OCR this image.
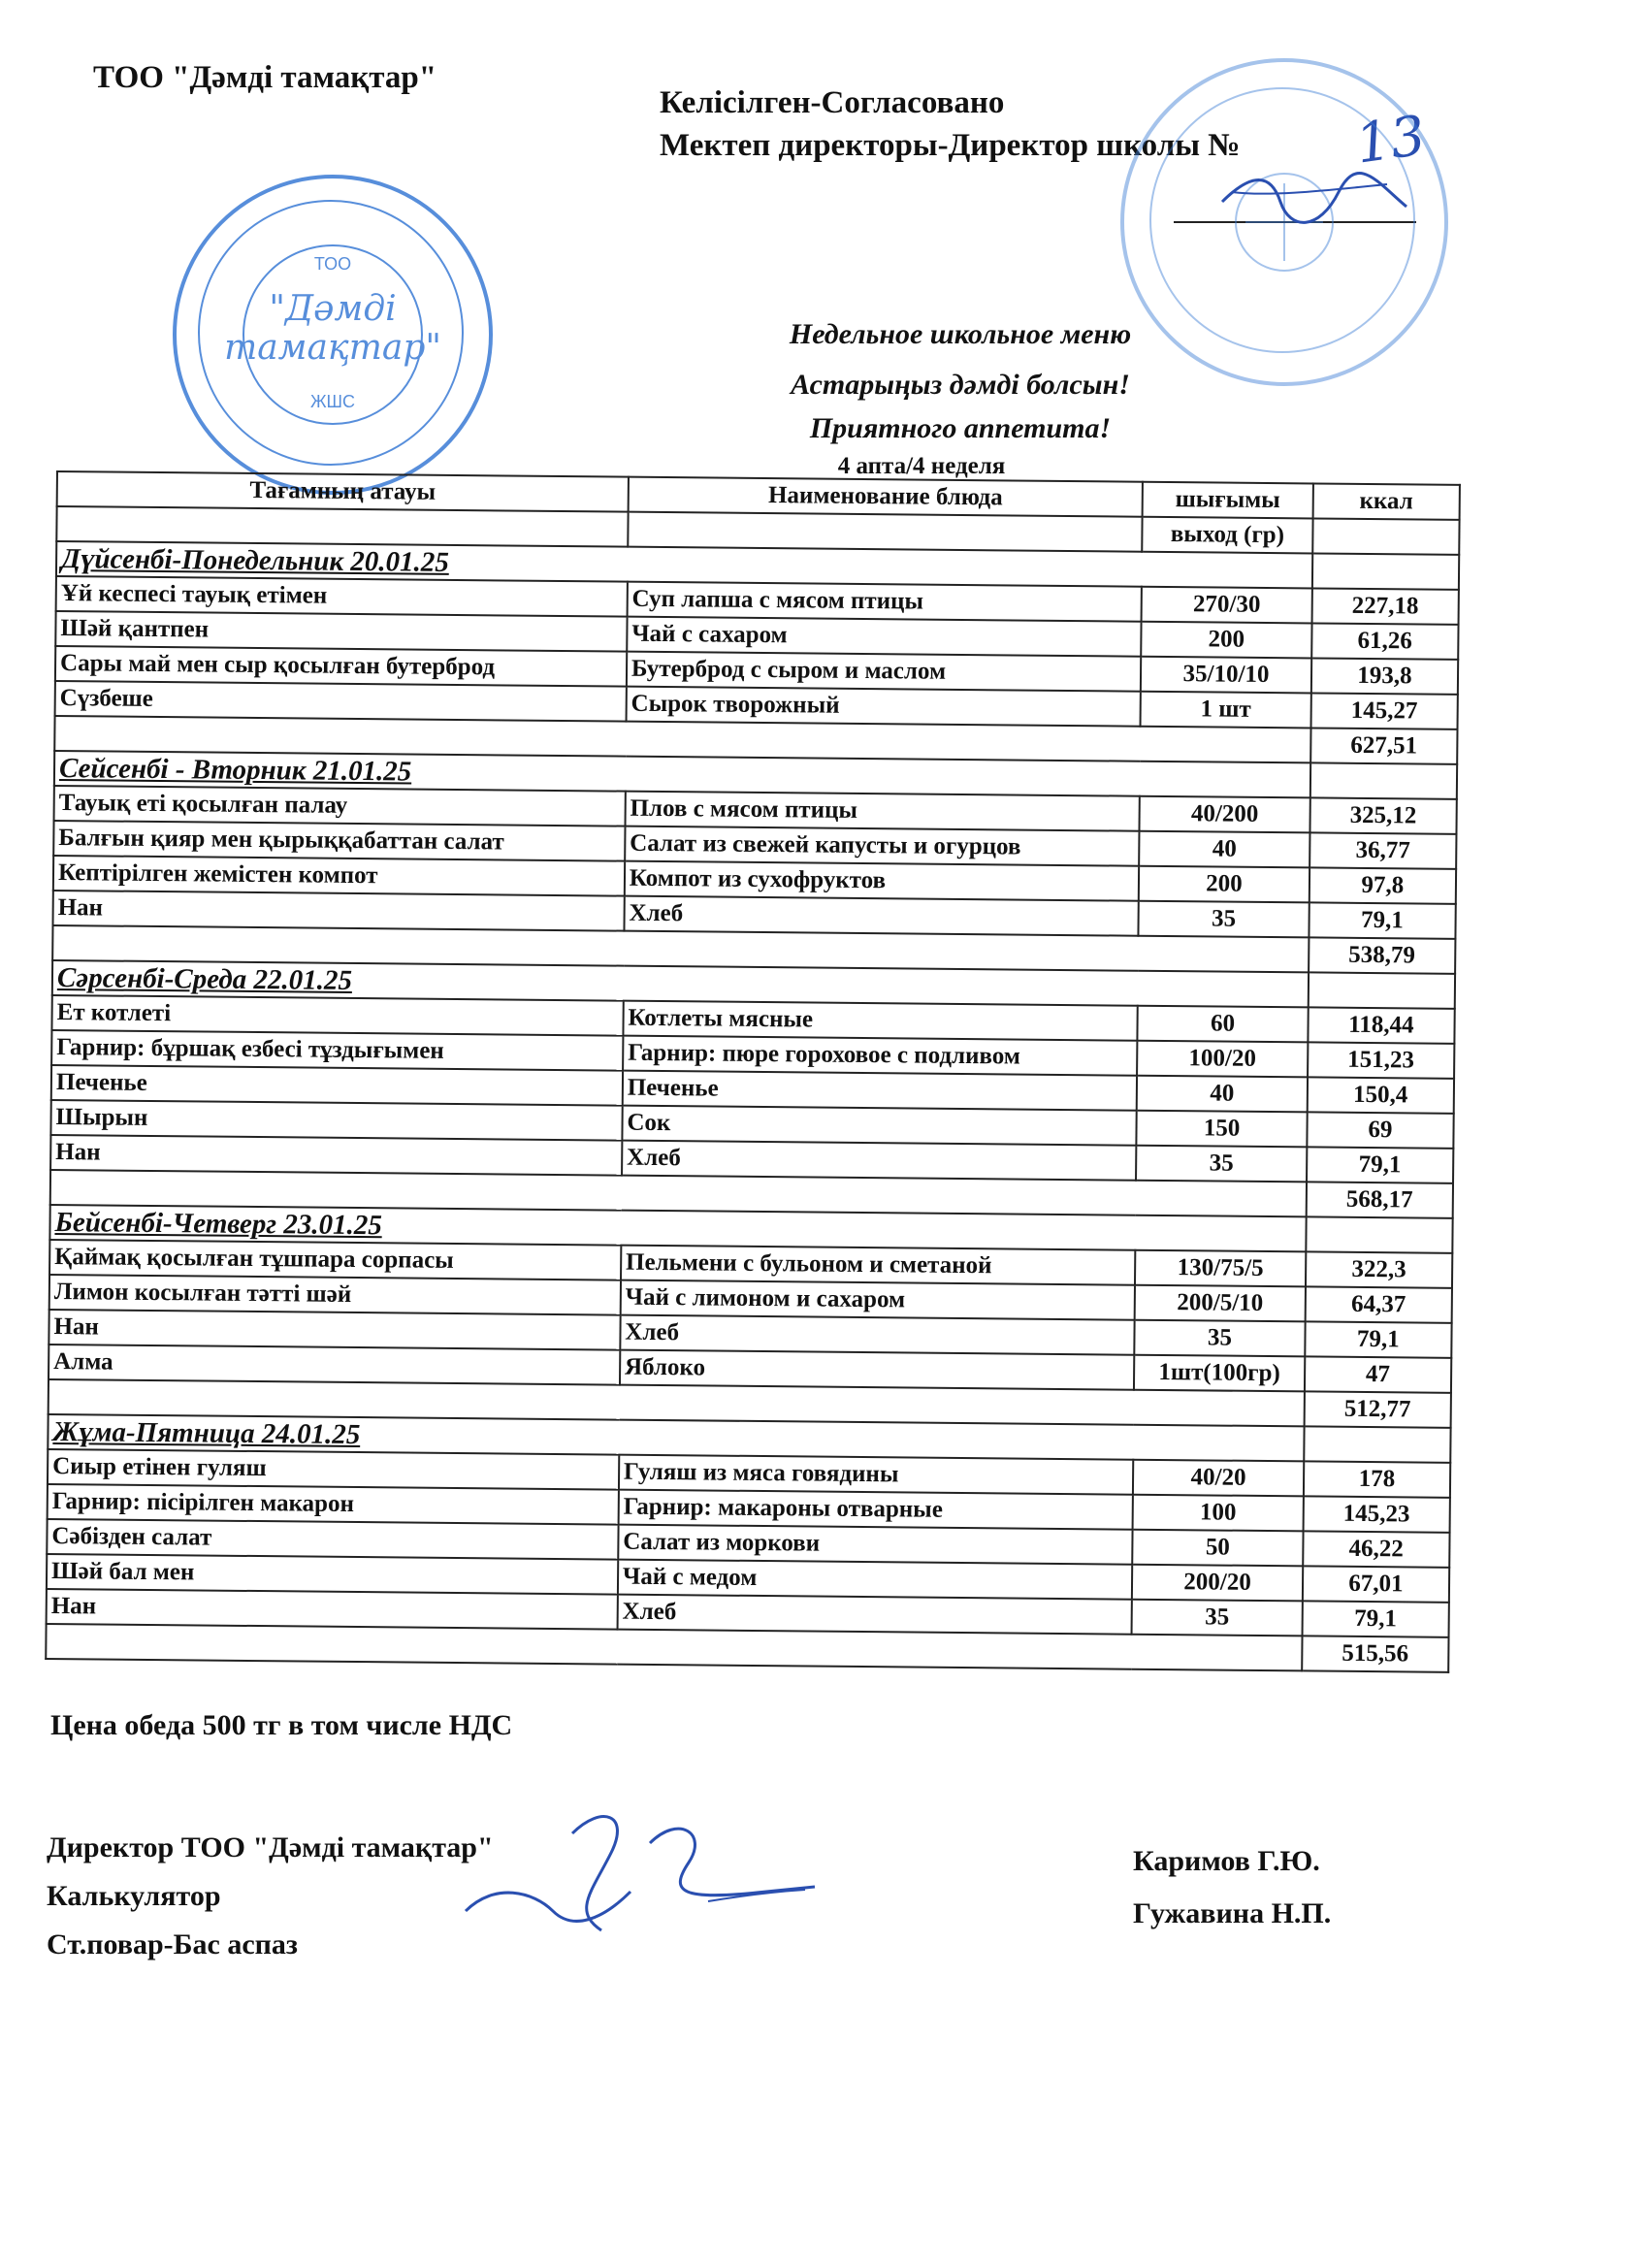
ТОО "Дәмді тамақтар"
Келісілген-Согласовано
Мектеп директоры-Директор школы № 13
ТОО
"Дәмді тамақтар"
ЖШС
Недельное школьное меню
Астарыңыз дәмді болсын!
Приятного аппетита!
4 апта/4 неделя
Тағамның атауы	Наименование блюда	шығымы	ккал
		выход (гр)	
Дүйсенбі-Понедельник 20.01.25			
Ұй кеспесі тауық етімен	Суп лапша с мясом птицы	270/30	227,18
Шәй қантпен	Чай с сахаром	200	61,26
Сары май мен сыр қосылған бутерброд	Бутерброд с сыром и маслом	35/10/10	193,8
Сүзбеше	Сырок творожный	1 шт	145,27
			627,51
Сейсенбі - Вторник 21.01.25			
Тауық еті қосылған палау	Плов с мясом птицы	40/200	325,12
Балғын қияр мен қырыққабаттан салат	Салат из свежей капусты и огурцов	40	36,77
Кептірілген жемістен компот	Компот из сухофруктов	200	97,8
Нан	Хлеб	35	79,1
			538,79
Сәрсенбі-Среда 22.01.25			
Ет котлеті	Котлеты мясные	60	118,44
Гарнир: бұршақ езбесі тұздығымен	Гарнир: пюре гороховое с подливом	100/20	151,23
Печенье	Печенье	40	150,4
Шырын	Сок	150	69
Нан	Хлеб	35	79,1
			568,17
Бейсенбі-Четверг 23.01.25			
Қаймақ қосылған тұшпара сорпасы	Пельмени с бульоном и сметаной	130/75/5	322,3
Лимон косылған тәтті шәй	Чай с лимоном и сахаром	200/5/10	64,37
Нан	Хлеб	35	79,1
Алма	Яблоко	1шт(100гр)	47
			512,77
Жұма-Пятница 24.01.25			
Сиыр етінен гуляш	Гуляш из мяса говядины	40/20	178
Гарнир: пісірілген макарон	Гарнир: макароны отварные	100	145,23
Сәбізден салат	Салат из моркови	50	46,22
Шәй бал мен	Чай с медом	200/20	67,01
Нан	Хлеб	35	79,1
			515,56
Цена обеда 500 тг в том числе НДС
Директор ТОО "Дәмді тамақтар"
Калькулятор
Ст.повар-Бас аспаз
Каримов Г.Ю.
Гужавина Н.П.
